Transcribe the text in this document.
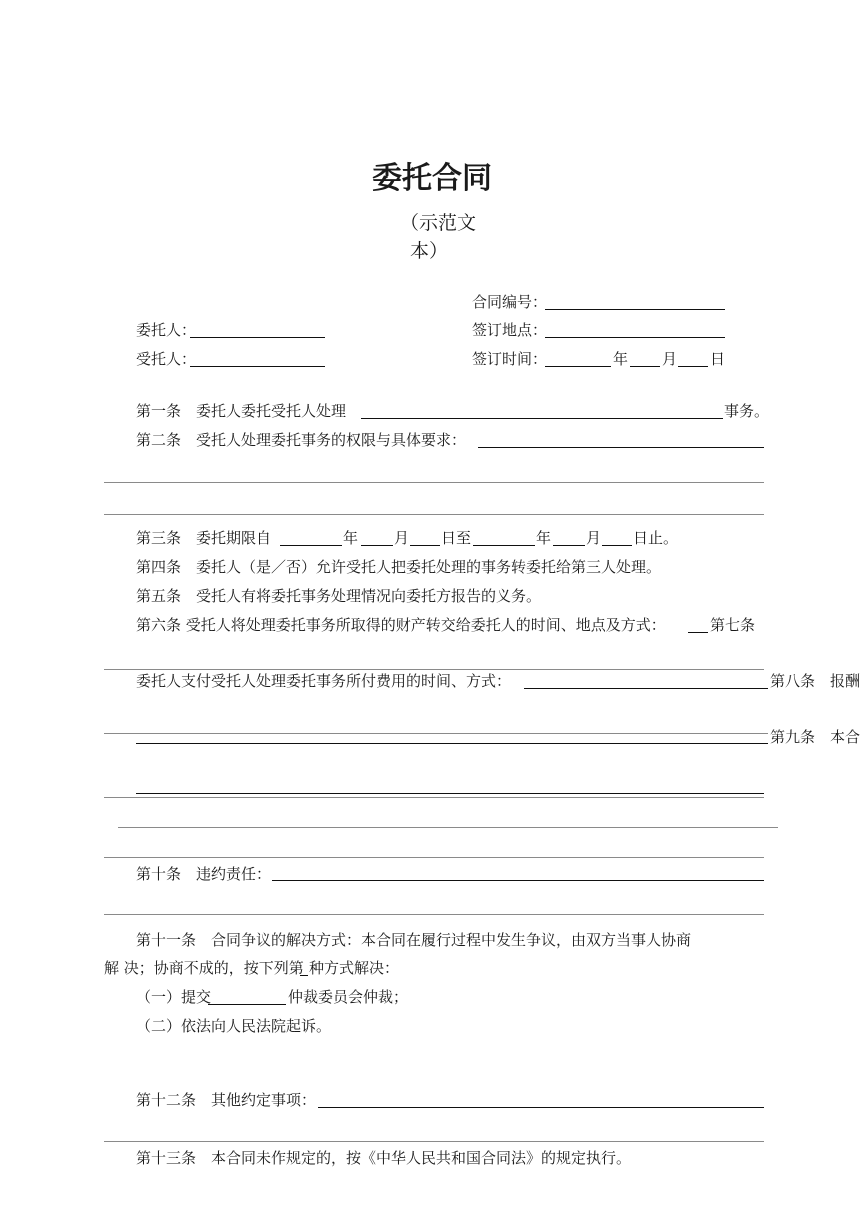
委托合同
（示范文
本）
合同编号：
委托人：	签订地点：
受托人：	签订时间：	年 月 日
第一条　委托人委托受托人处理	事务。
第二条　受托人处理委托事务的权限与具体要求：
第三条　委托期限自	年 月 日至	年 月 日止。
第四条　委托人（是／否）允许受托人把委托处理的事务转委托给第三人处理。
第五条　受托人有将委托事务处理情况向委托方报告的义务。
第六条 受托人将处理委托事务所取得的财产转交给委托人的时间、地点及方式：	第七条
委托人支付受托人处理委托事务所付费用的时间、方式：	第八条　报酬
第九条　本合
第十条　违约责任：
第十一条　合同争议的解决方式：本合同在履行过程中发生争议，由双方当事人协商
解 决；协商不成的，按下列第 种方式解决：
（一）提交	仲裁委员会仲裁；
（二）依法向人民法院起诉。
第十二条　其他约定事项：
第十三条　本合同未作规定的，按《中华人民共和国合同法》的规定执行。
